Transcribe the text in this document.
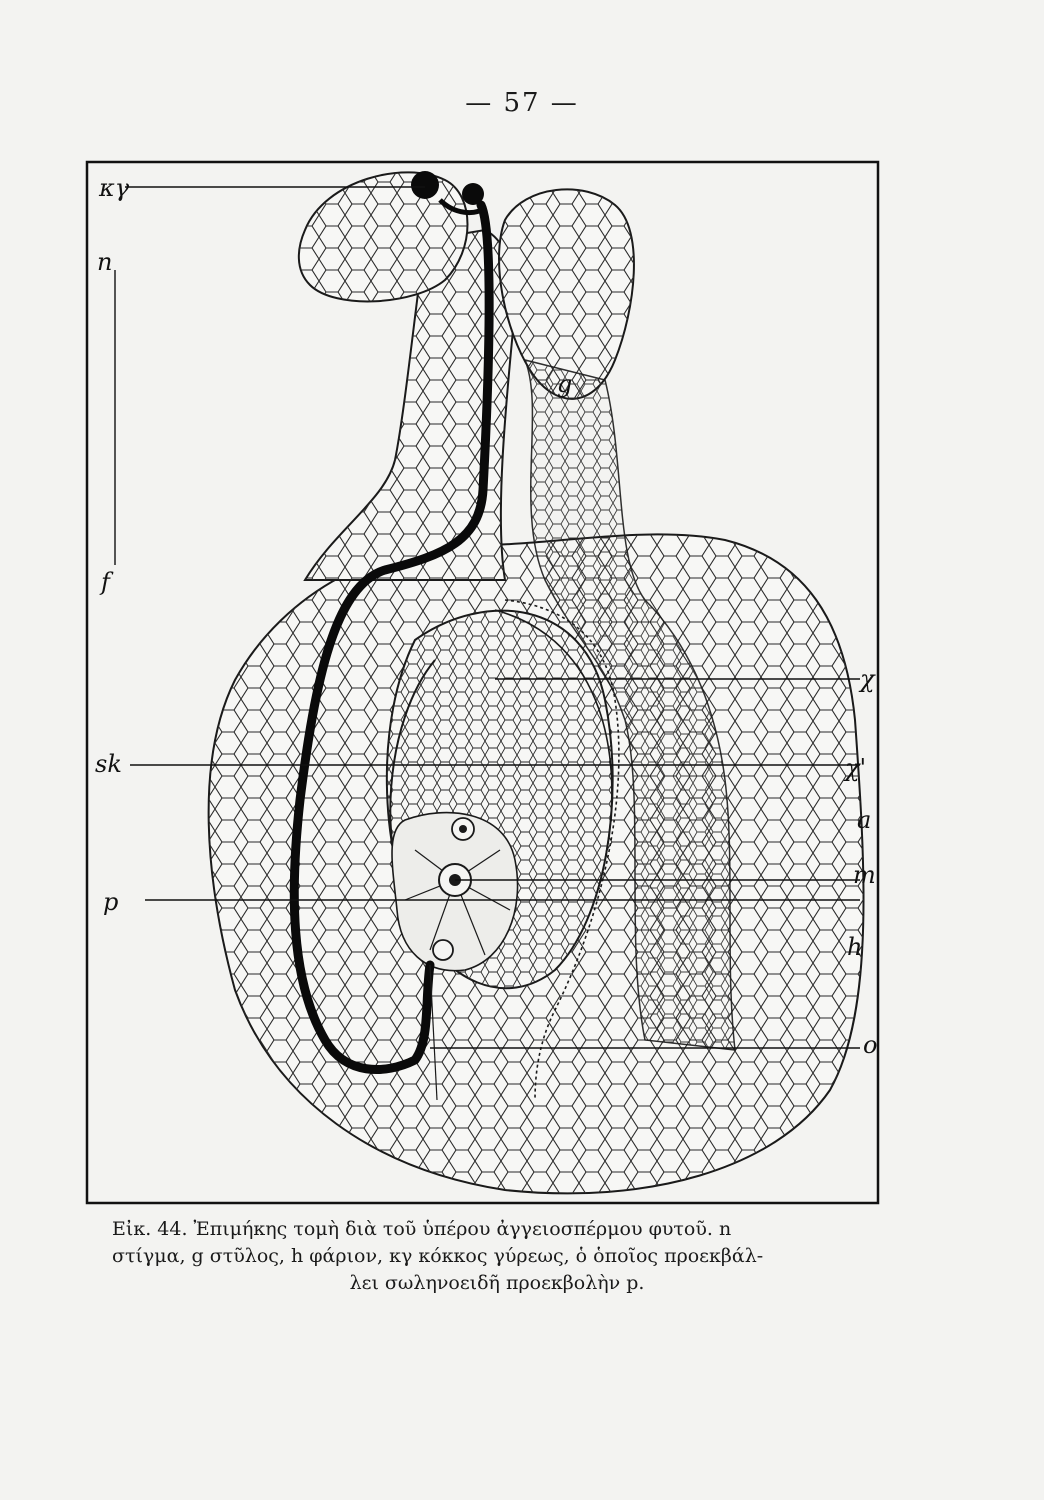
— 57 —
κγ
n
g
f
sk
χ
χ'
a
m
h
p
o
Εἰκ. 44. Ἐπιμήκης τομὴ διὰ τοῦ ὑπέρου ἀγγειοσπέρμου φυτοῦ. n
στίγμα, g στῦλος, h φάριον, κγ κόκκος γύρεως, ὁ ὁποῖος προεκβάλ-
λει σωληνοειδῆ προεκβολὴν p.
